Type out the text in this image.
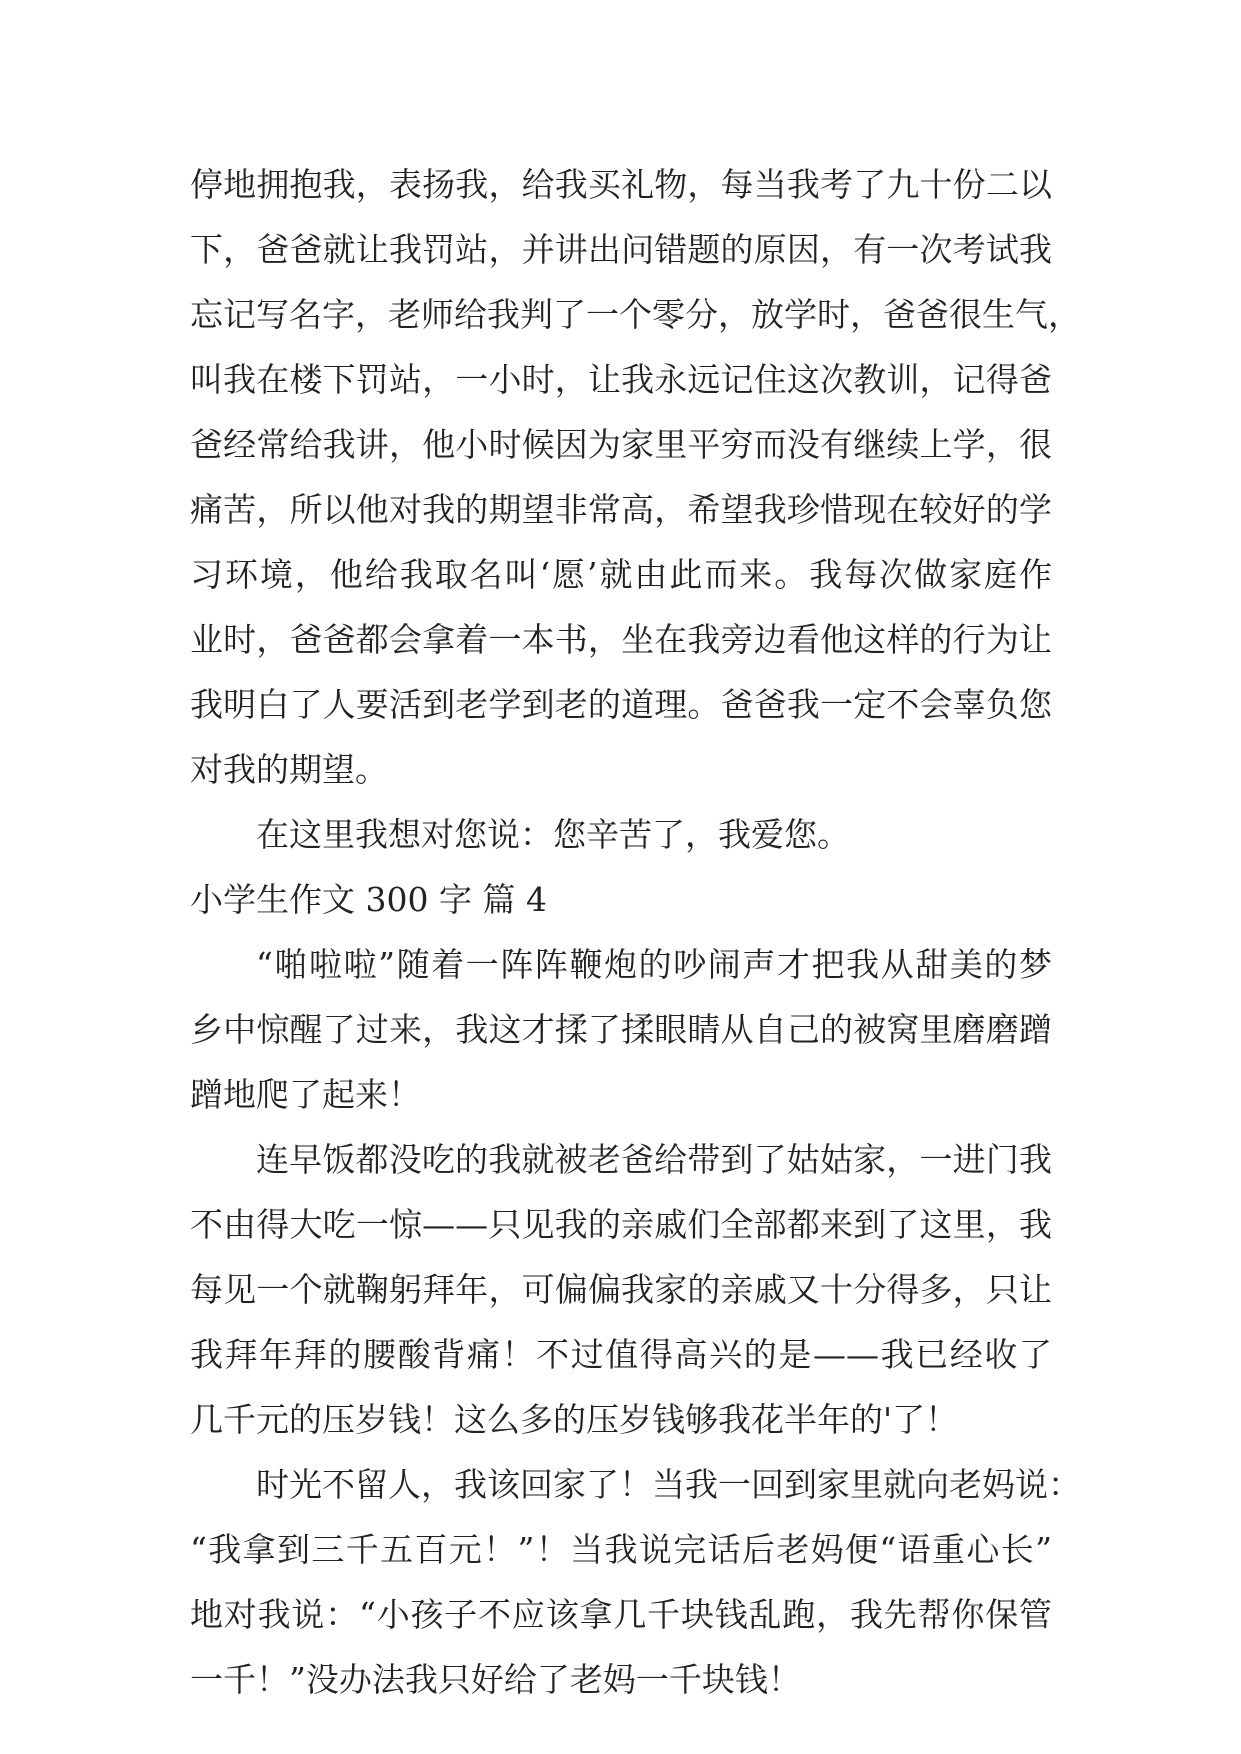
停地拥抱我，表扬我，给我买礼物，每当我考了九十份二以
下，爸爸就让我罚站，并讲出问错题的原因，有一次考试我
忘记写名字，老师给我判了一个零分，放学时，爸爸很生气，
叫我在楼下罚站，一小时，让我永远记住这次教训，记得爸
爸经常给我讲，他小时候因为家里平穷而没有继续上学，很
痛苦，所以他对我的期望非常高，希望我珍惜现在较好的学
习环境，他给我取名叫‘愿’就由此而来。我每次做家庭作
业时，爸爸都会拿着一本书，坐在我旁边看他这样的行为让
我明白了人要活到老学到老的道理。爸爸我一定不会辜负您
对我的期望。
在这里我想对您说：您辛苦了，我爱您。
小学生作文 300 字 篇 4
“啪啦啦”随着一阵阵鞭炮的吵闹声才把我从甜美的梦
乡中惊醒了过来，我这才揉了揉眼睛从自己的被窝里磨磨蹭
蹭地爬了起来！
连早饭都没吃的我就被老爸给带到了姑姑家，一进门我
不由得大吃一惊——只见我的亲戚们全部都来到了这里，我
每见一个就鞠躬拜年，可偏偏我家的亲戚又十分得多，只让
我拜年拜的腰酸背痛！不过值得高兴的是——我已经收了
几千元的压岁钱！这么多的压岁钱够我花半年的'了！
时光不留人，我该回家了！当我一回到家里就向老妈说：
“我拿到三千五百元！”！当我说完话后老妈便“语重心长”
地对我说：“小孩子不应该拿几千块钱乱跑，我先帮你保管
一千！”没办法我只好给了老妈一千块钱！
